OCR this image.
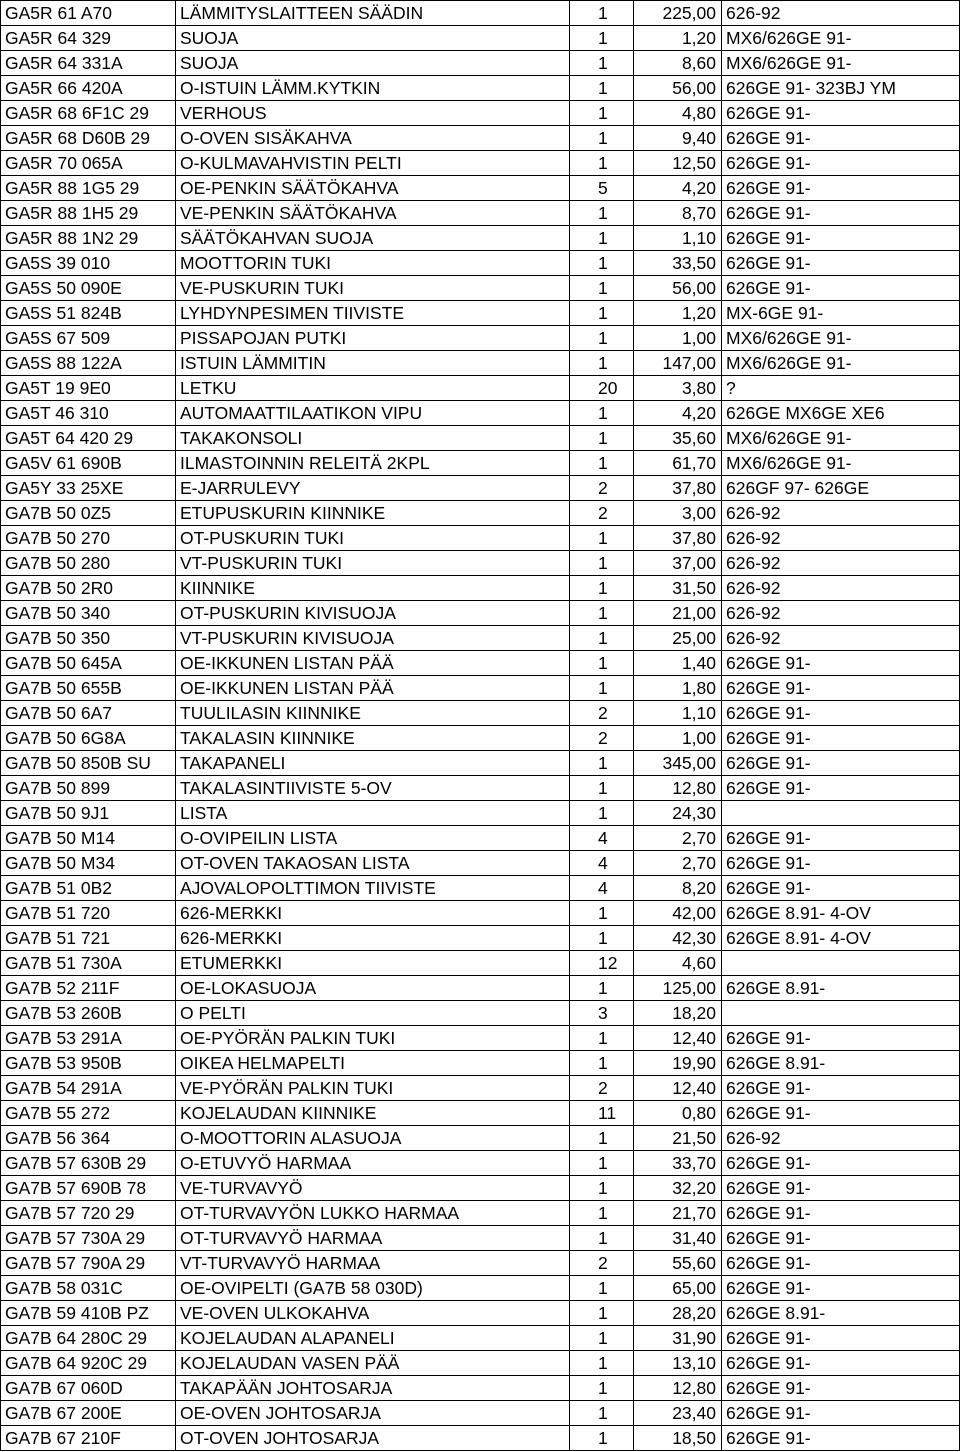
GA5R 61 A70	LÄMMITYSLAITTEEN SÄÄDIN	1	225,00	626-92
GA5R 64 329	SUOJA	1	1,20	MX6/626GE 91-
GA5R 64 331A	SUOJA	1	8,60	MX6/626GE 91-
GA5R 66 420A	O-ISTUIN LÄMM.KYTKIN	1	56,00	626GE 91- 323BJ YM
GA5R 68 6F1C 29	VERHOUS	1	4,80	626GE 91-
GA5R 68 D60B 29	O-OVEN SISÄKAHVA	1	9,40	626GE 91-
GA5R 70 065A	O-KULMAVAHVISTIN PELTI	1	12,50	626GE 91-
GA5R 88 1G5 29	OE-PENKIN SÄÄTÖKAHVA	5	4,20	626GE 91-
GA5R 88 1H5 29	VE-PENKIN SÄÄTÖKAHVA	1	8,70	626GE 91-
GA5R 88 1N2 29	SÄÄTÖKAHVAN SUOJA	1	1,10	626GE 91-
GA5S 39 010	MOOTTORIN TUKI	1	33,50	626GE 91-
GA5S 50 090E	VE-PUSKURIN TUKI	1	56,00	626GE 91-
GA5S 51 824B	LYHDYNPESIMEN TIIVISTE	1	1,20	MX-6GE 91-
GA5S 67 509	PISSAPOJAN PUTKI	1	1,00	MX6/626GE 91-
GA5S 88 122A	ISTUIN LÄMMITIN	1	147,00	MX6/626GE 91-
GA5T 19 9E0	LETKU	20	3,80	?
GA5T 46 310	AUTOMAATTILAATIKON VIPU	1	4,20	626GE MX6GE XE6
GA5T 64 420 29	TAKAKONSOLI	1	35,60	MX6/626GE 91-
GA5V 61 690B	ILMASTOINNIN RELEITÄ 2KPL	1	61,70	MX6/626GE 91-
GA5Y 33 25XE	E-JARRULEVY	2	37,80	626GF 97- 626GE
GA7B 50 0Z5	ETUPUSKURIN KIINNIKE	2	3,00	626-92
GA7B 50 270	OT-PUSKURIN TUKI	1	37,80	626-92
GA7B 50 280	VT-PUSKURIN TUKI	1	37,00	626-92
GA7B 50 2R0	KIINNIKE	1	31,50	626-92
GA7B 50 340	OT-PUSKURIN KIVISUOJA	1	21,00	626-92
GA7B 50 350	VT-PUSKURIN KIVISUOJA	1	25,00	626-92
GA7B 50 645A	OE-IKKUNEN LISTAN PÄÄ	1	1,40	626GE 91-
GA7B 50 655B	OE-IKKUNEN LISTAN PÄÄ	1	1,80	626GE 91-
GA7B 50 6A7	TUULILASIN KIINNIKE	2	1,10	626GE 91-
GA7B 50 6G8A	TAKALASIN KIINNIKE	2	1,00	626GE 91-
GA7B 50 850B SU	TAKAPANELI	1	345,00	626GE 91-
GA7B 50 899	TAKALASINTIIVISTE 5-OV	1	12,80	626GE 91-
GA7B 50 9J1	LISTA	1	24,30	
GA7B 50 M14	O-OVIPEILIN LISTA	4	2,70	626GE 91-
GA7B 50 M34	OT-OVEN TAKAOSAN LISTA	4	2,70	626GE 91-
GA7B 51 0B2	AJOVALOPOLTTIMON TIIVISTE	4	8,20	626GE 91-
GA7B 51 720	626-MERKKI	1	42,00	626GE 8.91- 4-OV
GA7B 51 721	626-MERKKI	1	42,30	626GE 8.91- 4-OV
GA7B 51 730A	ETUMERKKI	12	4,60	
GA7B 52 211F	OE-LOKASUOJA	1	125,00	626GE 8.91-
GA7B 53 260B	O PELTI	3	18,20	
GA7B 53 291A	OE-PYÖRÄN PALKIN TUKI	1	12,40	626GE 91-
GA7B 53 950B	OIKEA HELMAPELTI	1	19,90	626GE 8.91-
GA7B 54 291A	VE-PYÖRÄN PALKIN TUKI	2	12,40	626GE 91-
GA7B 55 272	KOJELAUDAN KIINNIKE	11	0,80	626GE 91-
GA7B 56 364	O-MOOTTORIN ALASUOJA	1	21,50	626-92
GA7B 57 630B 29	O-ETUVYÖ HARMAA	1	33,70	626GE 91-
GA7B 57 690B 78	VE-TURVAVYÖ	1	32,20	626GE 91-
GA7B 57 720 29	OT-TURVAVYÖN LUKKO HARMAA	1	21,70	626GE 91-
GA7B 57 730A 29	OT-TURVAVYÖ HARMAA	1	31,40	626GE 91-
GA7B 57 790A 29	VT-TURVAVYÖ HARMAA	2	55,60	626GE 91-
GA7B 58 031C	OE-OVIPELTI (GA7B 58 030D)	1	65,00	626GE 91-
GA7B 59 410B PZ	VE-OVEN ULKOKAHVA	1	28,20	626GE 8.91-
GA7B 64 280C 29	KOJELAUDAN ALAPANELI	1	31,90	626GE 91-
GA7B 64 920C 29	KOJELAUDAN VASEN PÄÄ	1	13,10	626GE 91-
GA7B 67 060D	TAKAPÄÄN JOHTOSARJA	1	12,80	626GE 91-
GA7B 67 200E	OE-OVEN JOHTOSARJA	1	23,40	626GE 91-
GA7B 67 210F	OT-OVEN JOHTOSARJA	1	18,50	626GE 91-
